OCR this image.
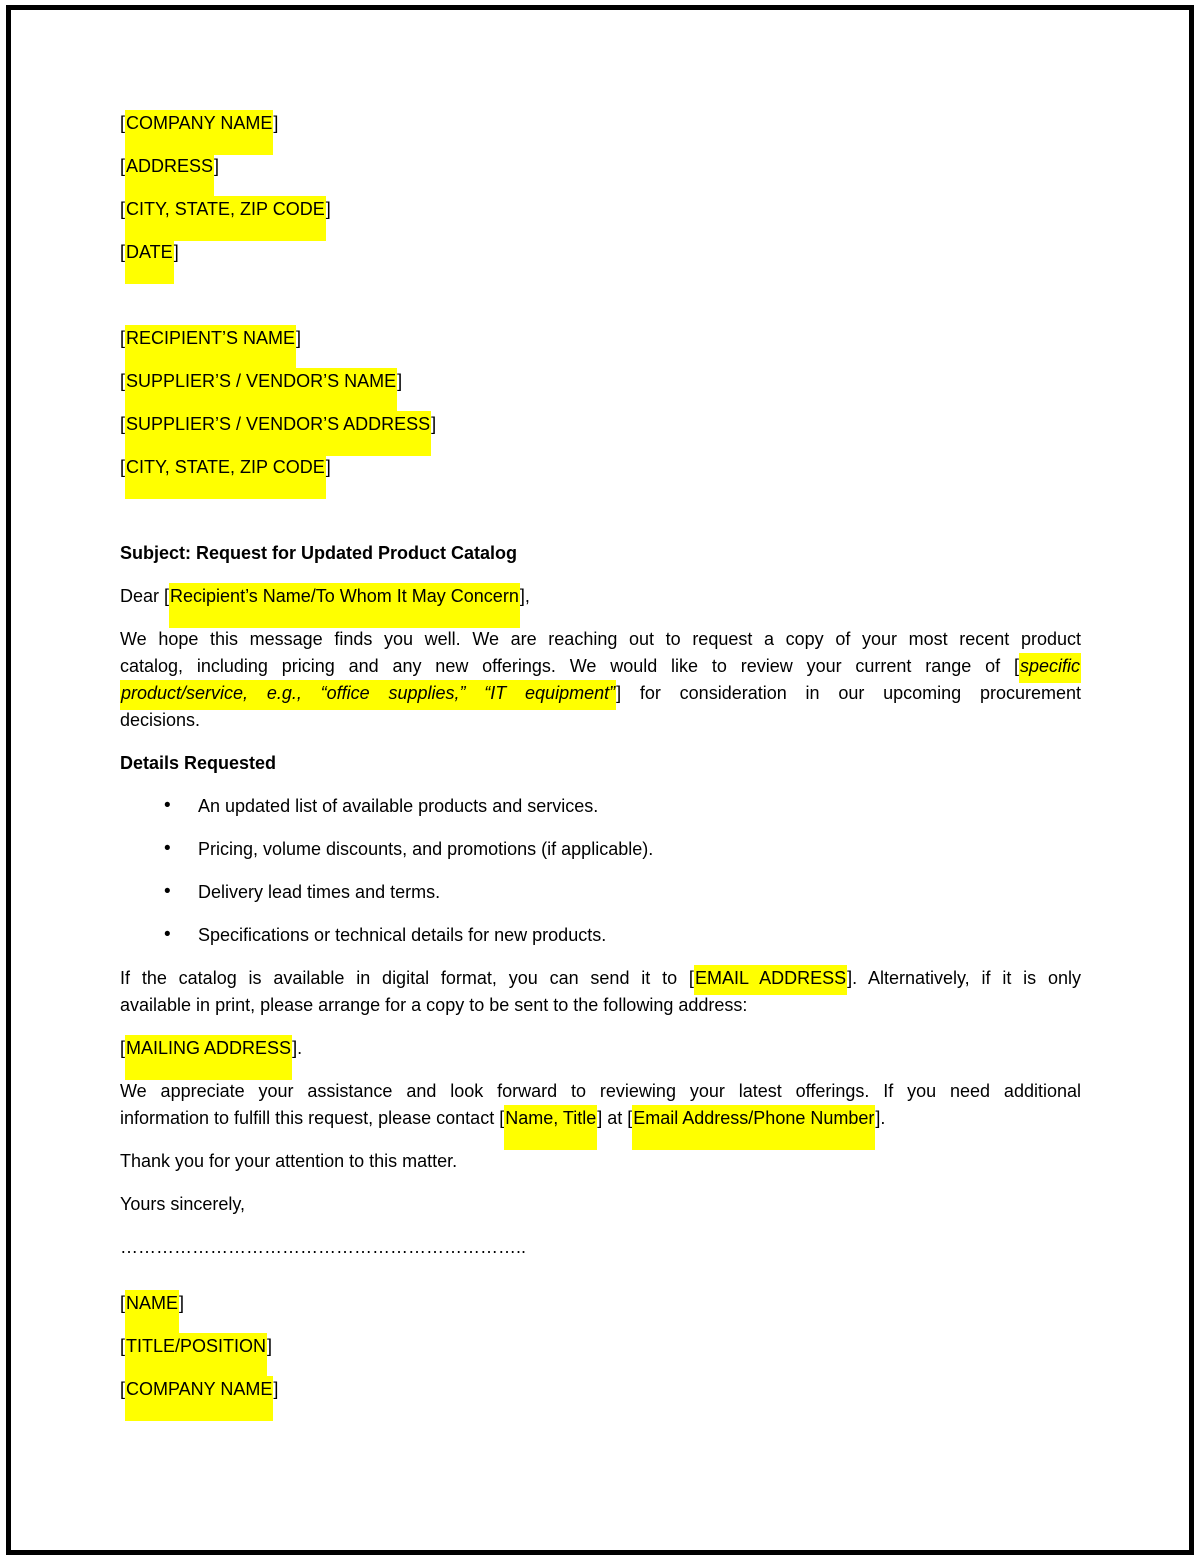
[COMPANY NAME]
[ADDRESS]
[CITY, STATE, ZIP CODE]
[DATE]
[RECIPIENT’S NAME]
[SUPPLIER’S / VENDOR’S NAME]
[SUPPLIER’S / VENDOR’S ADDRESS]
[CITY, STATE, ZIP CODE]
Subject: Request for Updated Product Catalog
Dear [Recipient’s Name/To Whom It May Concern],
We hope this message finds you well. We are reaching out to request a copy of your most recent product
catalog, including pricing and any new offerings. We would like to review your current range of [specific
product/service, e.g., “office supplies,” “IT equipment”] for consideration in our upcoming procurement
decisions.
Details Requested
• An updated list of available products and services.
• Pricing, volume discounts, and promotions (if applicable).
• Delivery lead times and terms.
• Specifications or technical details for new products.
If the catalog is available in digital format, you can send it to [EMAIL ADDRESS]. Alternatively, if it is only
available in print, please arrange for a copy to be sent to the following address:
[MAILING ADDRESS].
We appreciate your assistance and look forward to reviewing your latest offerings. If you need additional
information to fulfill this request, please contact [Name, Title] at [Email Address/Phone Number].
Thank you for your attention to this matter.
Yours sincerely,
…………………………………………………………..
[NAME]
[TITLE/POSITION]
[COMPANY NAME]
